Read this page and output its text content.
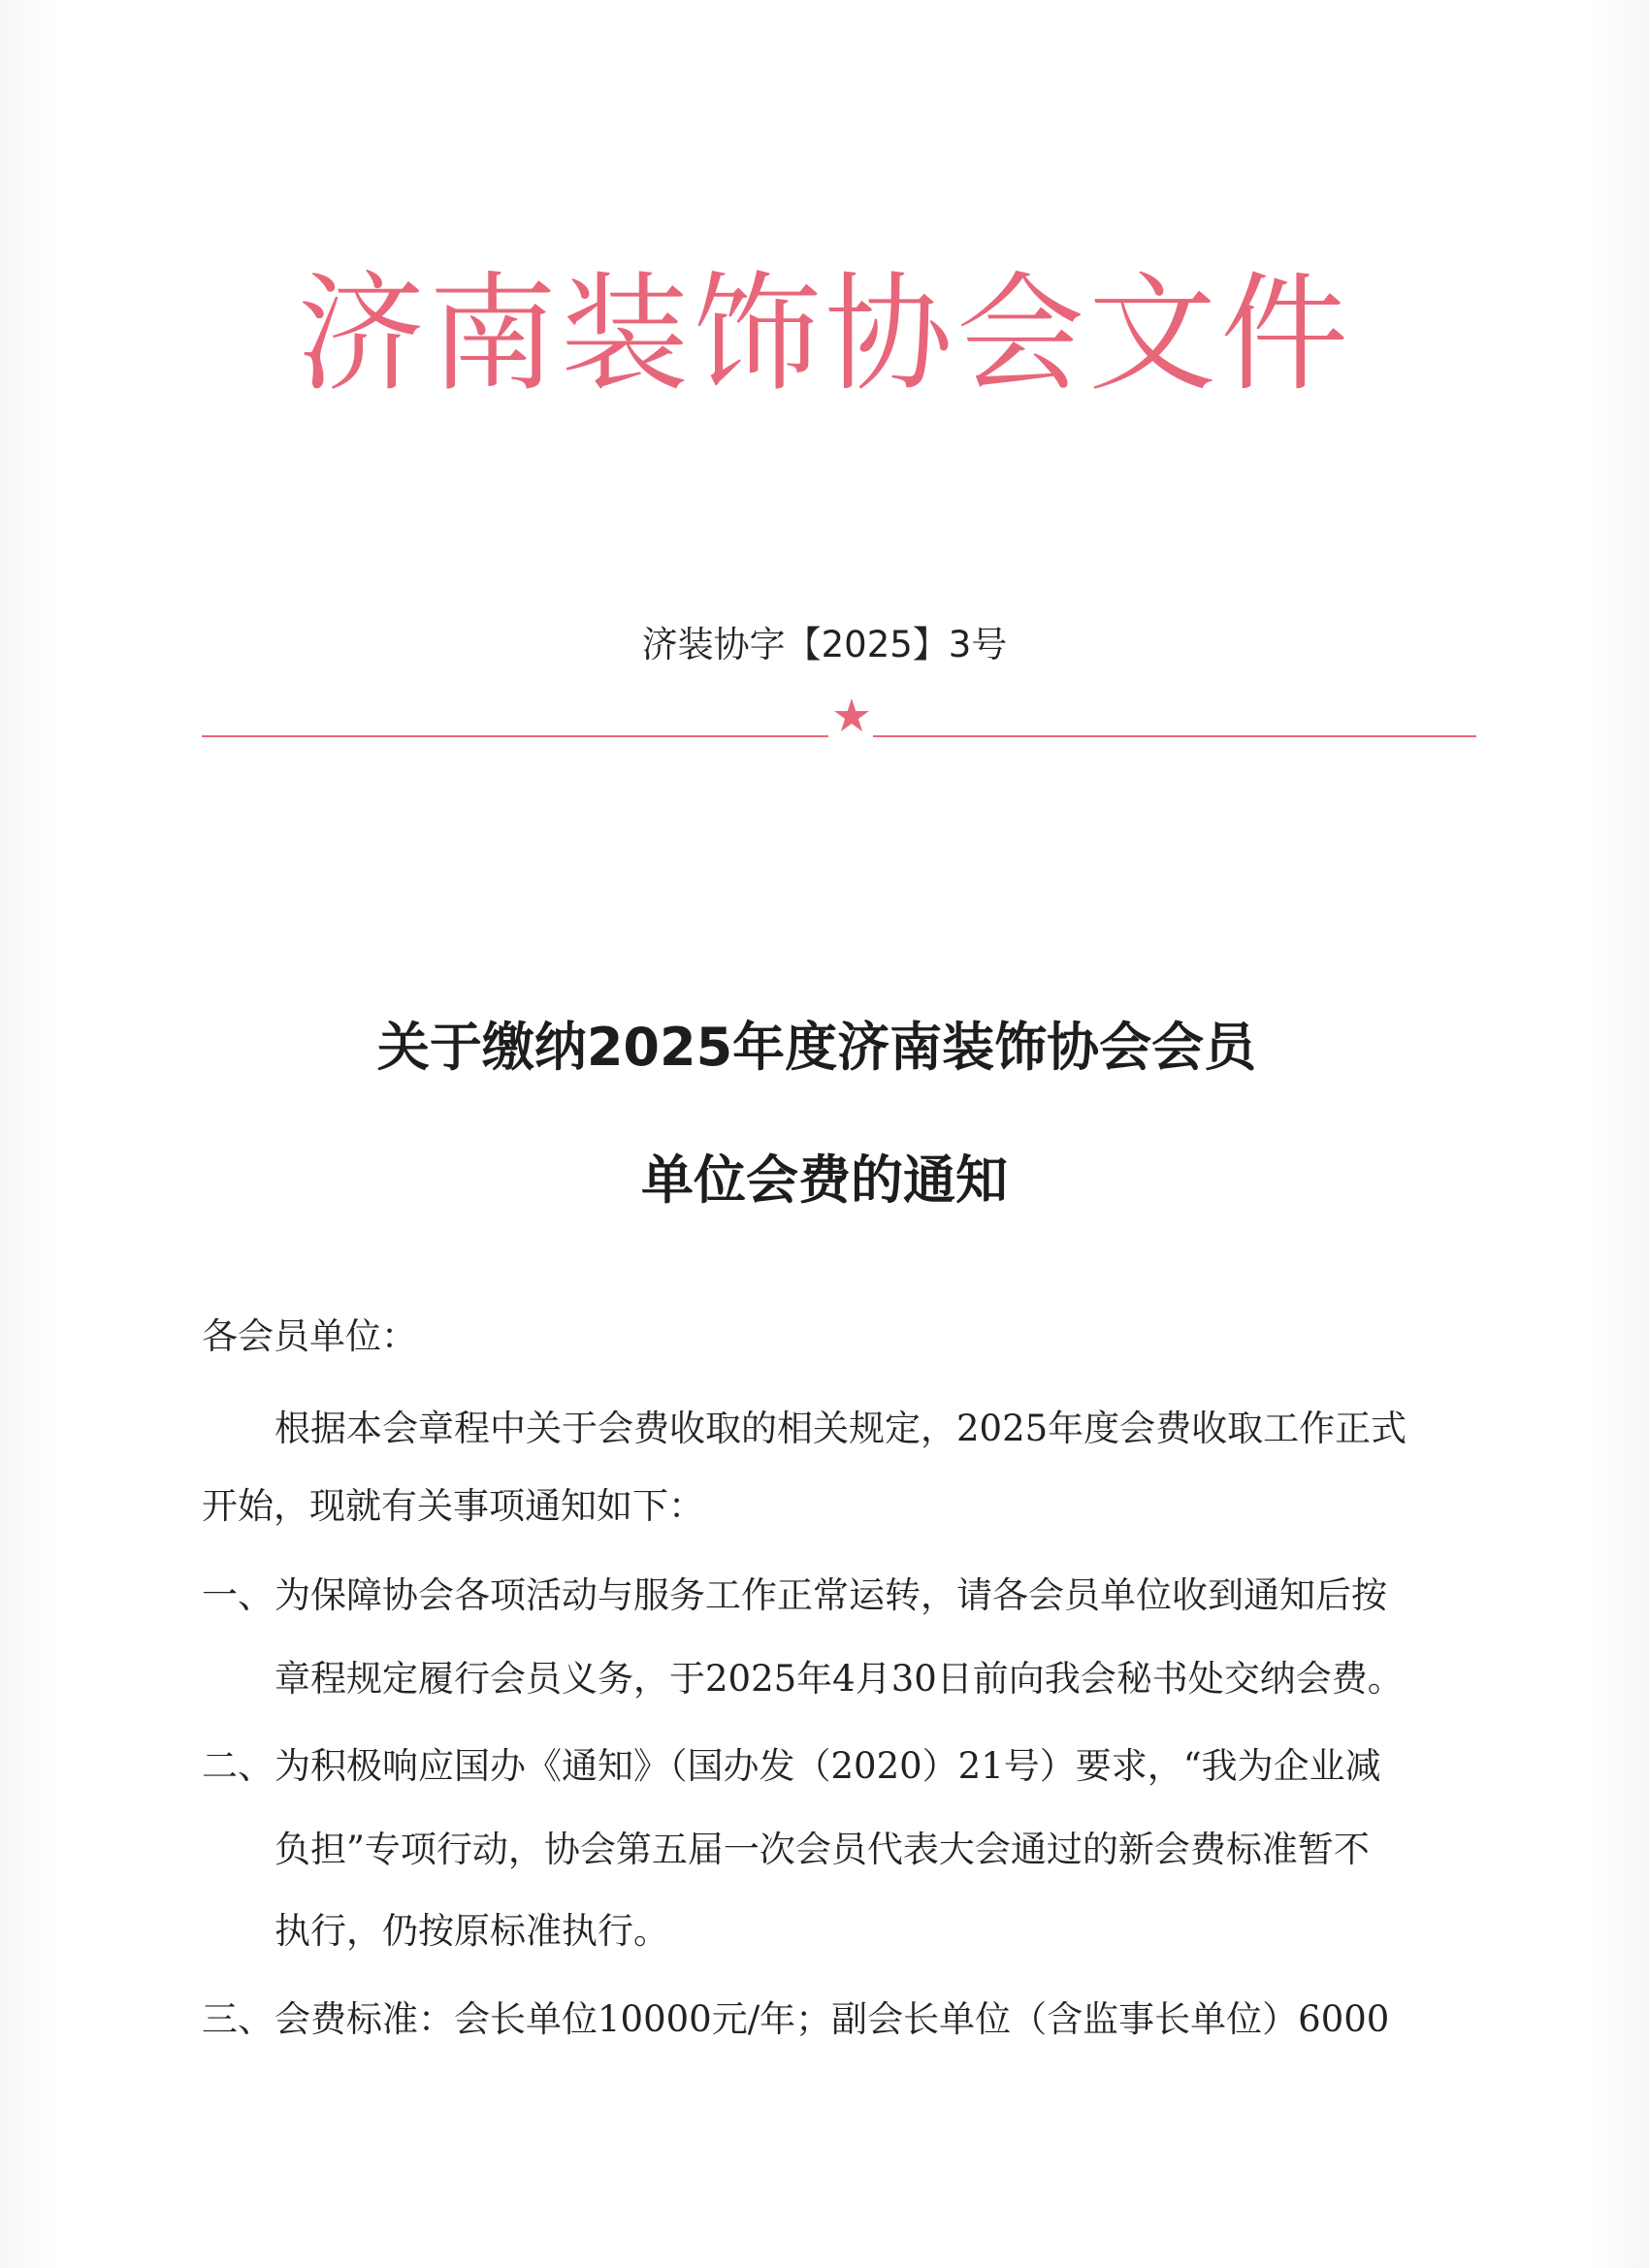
济南装饰协会文件
济装协字【2025】3号
关于缴纳2025年度济南装饰协会会员
单位会费的通知
各会员单位：
根据本会章程中关于会费收取的相关规定，2025年度会费收取工作正式
开始，现就有关事项通知如下：
一、 为保障协会各项活动与服务工作正常运转，请各会员单位收到通知后按
章程规定履行会员义务，于2025年4月30日前向我会秘书处交纳会费。
二、 为积极响应国办《通知》（国办发（2020）21号）要求，“我为企业减
负担”专项行动，协会第五届一次会员代表大会通过的新会费标准暂不
执行，仍按原标准执行。
三、 会费标准：会长单位10000元/年；副会长单位（含监事长单位）6000
